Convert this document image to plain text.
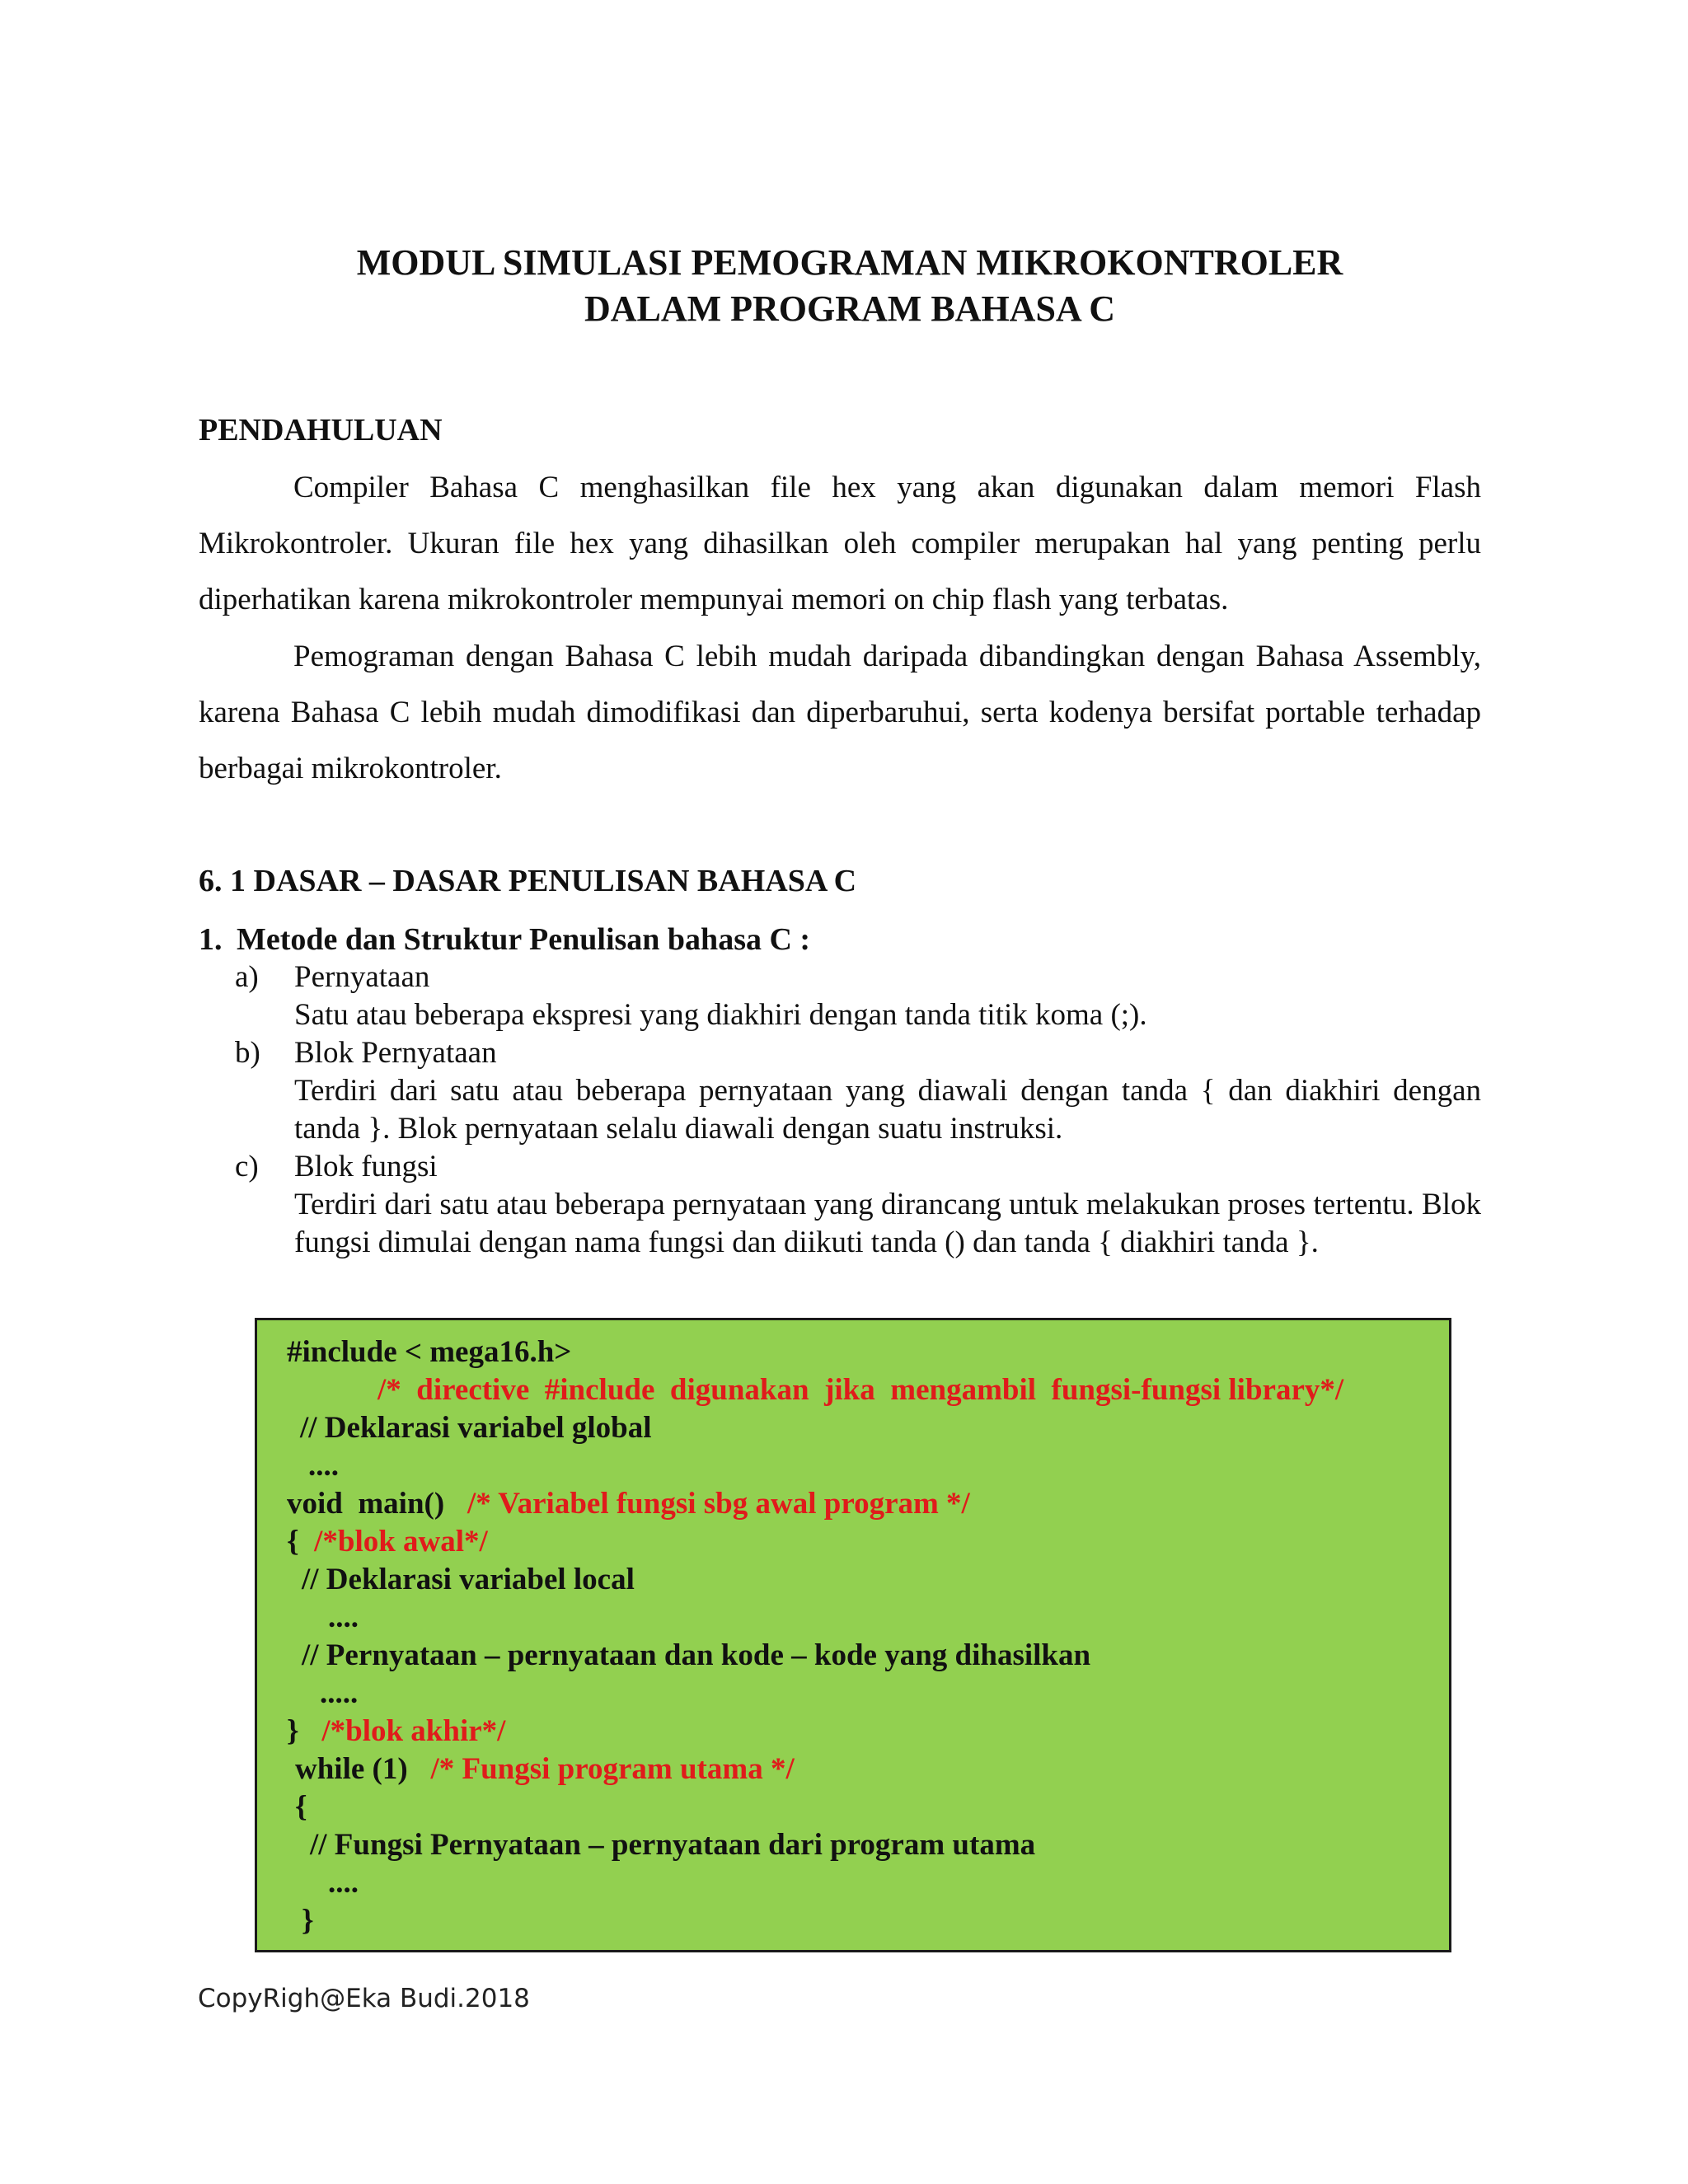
MODUL SIMULASI PEMOGRAMAN MIKROKONTROLER
DALAM PROGRAM BAHASA C
PENDAHULUAN

Compiler Bahasa C menghasilkan file hex yang akan digunakan dalam memori Flash Mikrokontroler. Ukuran file hex yang dihasilkan oleh compiler merupakan hal yang penting perlu diperhatikan karena mikrokontroler mempunyai memori on chip flash yang terbatas.

Pemograman dengan Bahasa C lebih mudah daripada dibandingkan dengan Bahasa Assembly, karena Bahasa C lebih mudah dimodifikasi dan diperbaruhui, serta kodenya bersifat portable terhadap berbagai mikrokontroler.

6. 1 DASAR – DASAR PENULISAN BAHASA C
1. Metode dan Struktur Penulisan bahasa C :
a) Pernyataan

Satu atau beberapa ekspresi yang diakhiri dengan tanda titik koma (;).

b) Blok Pernyataan

Terdiri dari satu atau beberapa pernyataan yang diawali dengan tanda { dan diakhiri dengan tanda }. Blok pernyataan selalu diawali dengan suatu instruksi.

c) Blok fungsi

Terdiri dari satu atau beberapa pernyataan yang dirancang untuk melakukan proses tertentu. Blok fungsi dimulai dengan nama fungsi dan diikuti tanda () dan tanda { diakhiri tanda }.

#include < mega16.h>
/*  directive  #include  digunakan  jika  mengambil  fungsi-fungsi library*/
// Deklarasi variabel global
....
void  main()   /* Variabel fungsi sbg awal program */
{  /*blok awal*/
// Deklarasi variabel local
....
// Pernyataan – pernyataan dan kode – kode yang dihasilkan
.....
}   /*blok akhir*/
while (1)   /* Fungsi program utama */
{
// Fungsi Pernyataan – pernyataan dari program utama
....
}
CopyRigh@Eka Budi.2018
